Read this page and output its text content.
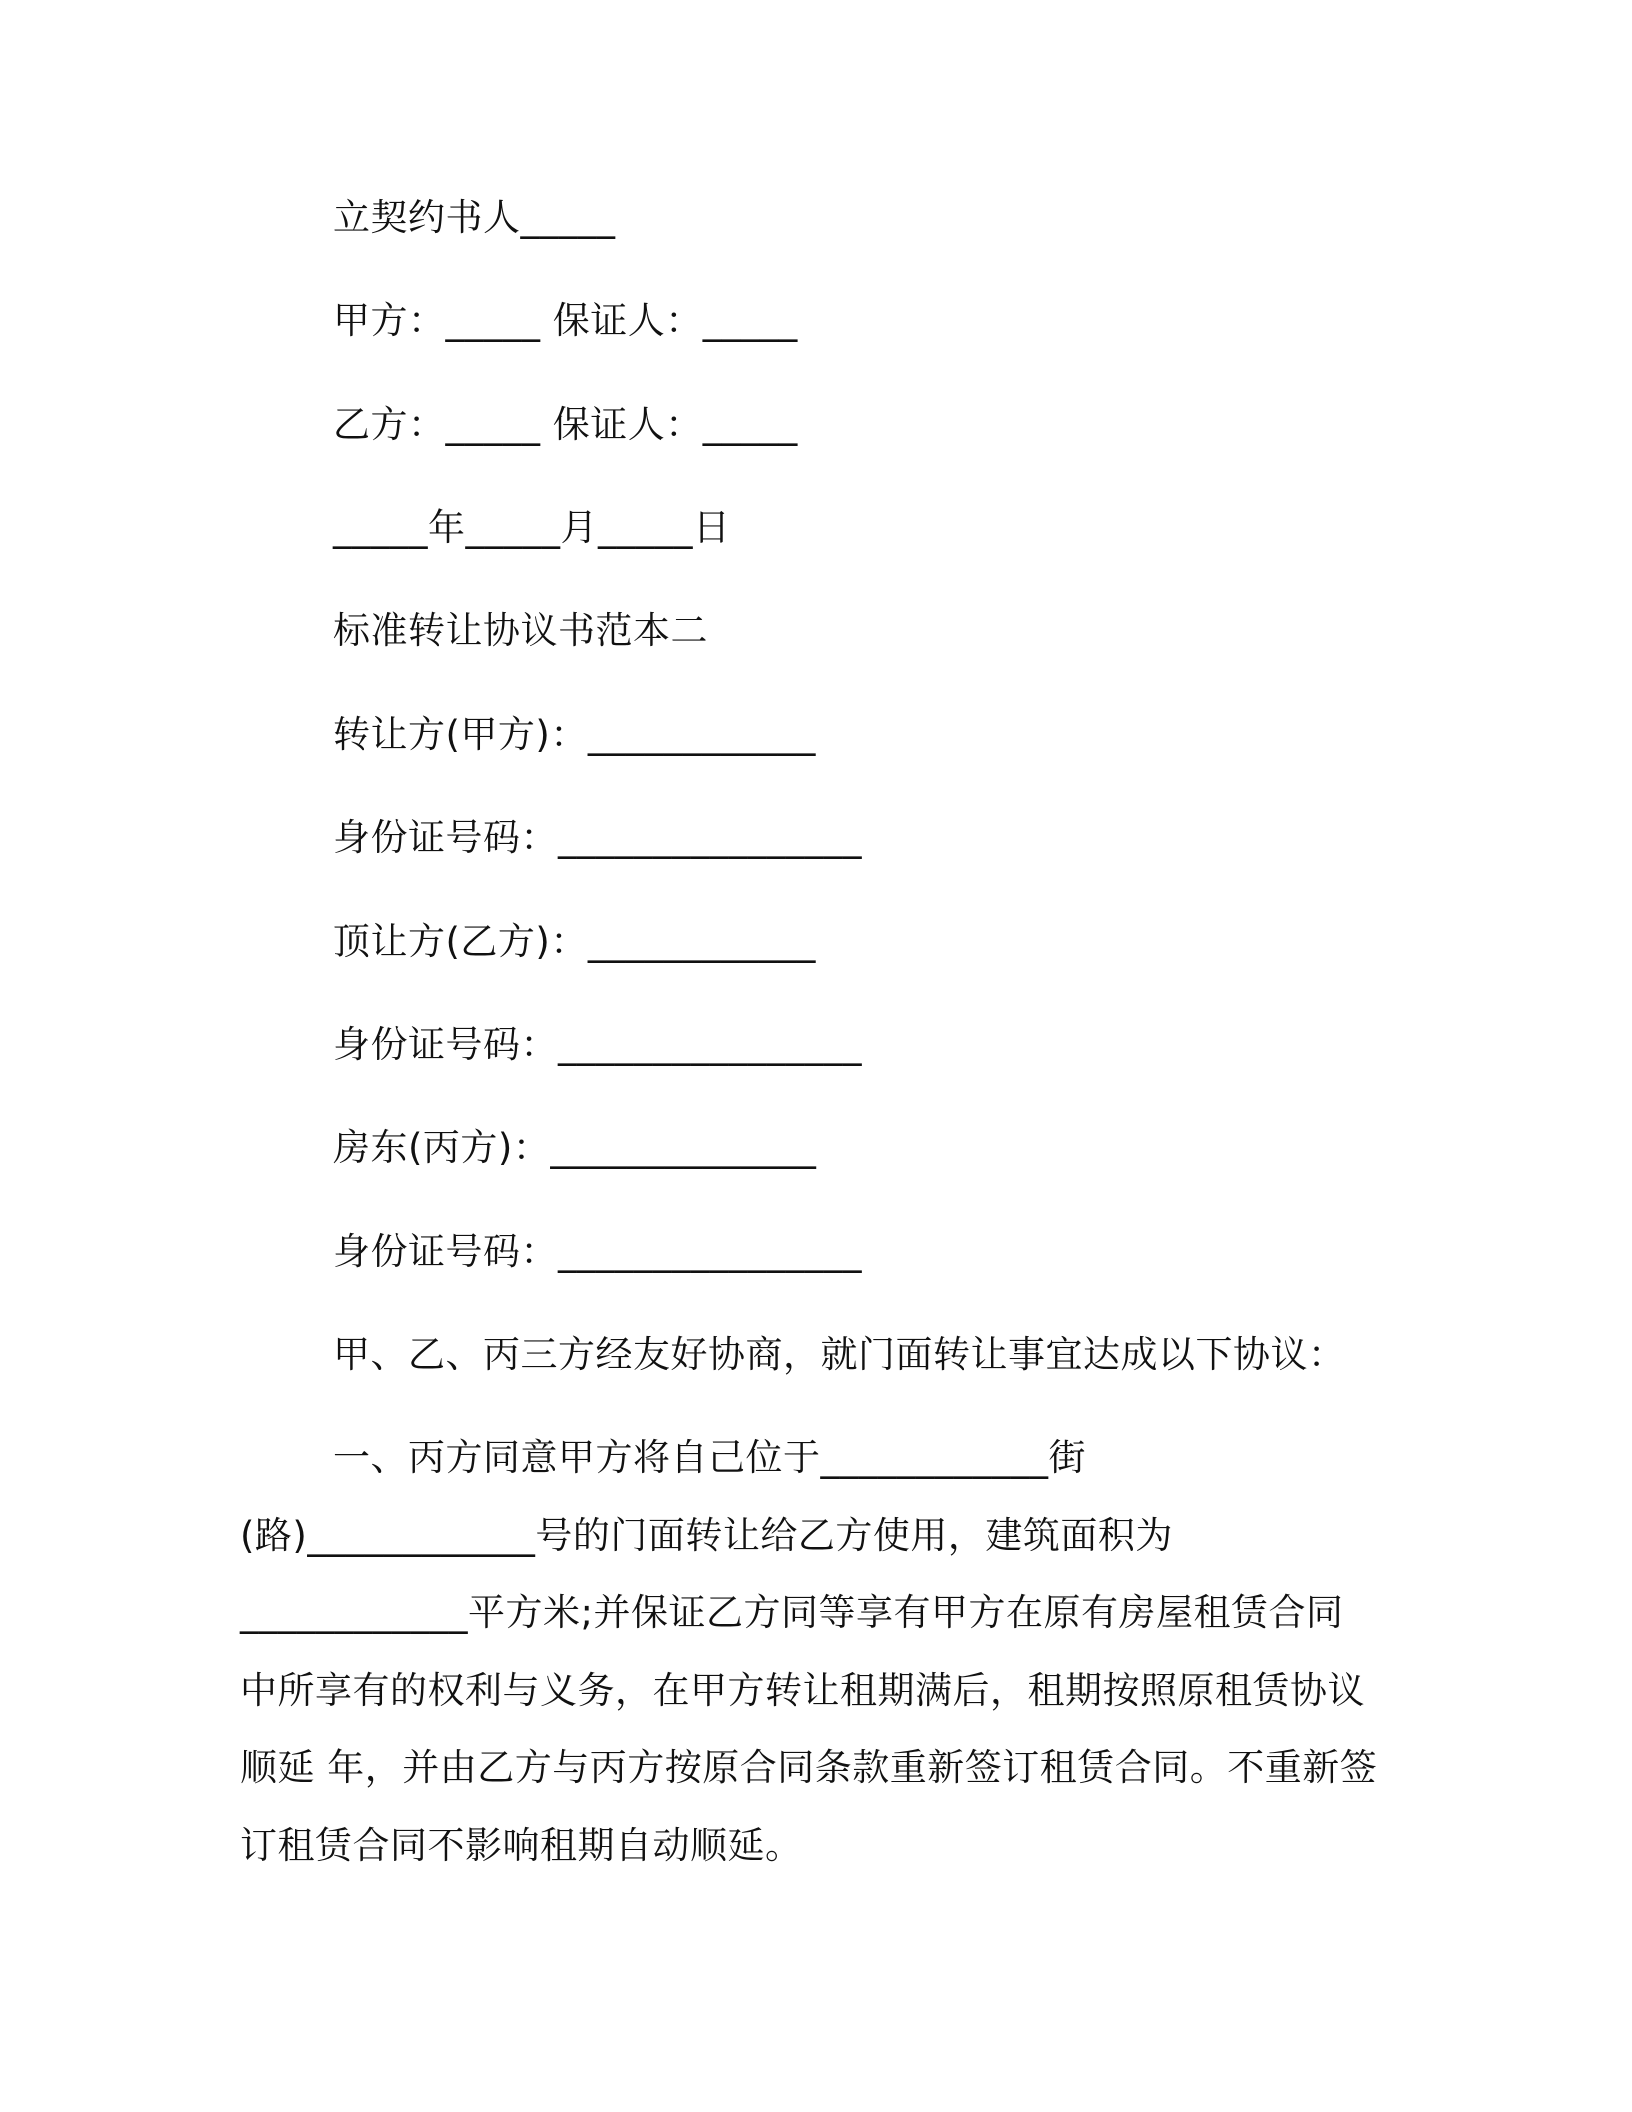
立契约书人_____
甲方：_____ 保证人：_____
乙方：_____ 保证人：_____
_____年_____月_____日
标准转让协议书范本二
转让方(甲方)：____________
身份证号码：________________
顶让方(乙方)：____________
身份证号码：________________
房东(丙方)：______________
身份证号码：________________
甲、乙、丙三方经友好协商，就门面转让事宜达成以下协议：
一、丙方同意甲方将自己位于____________街
(路)____________号的门面转让给乙方使用，建筑面积为
____________平方米;并保证乙方同等享有甲方在原有房屋租赁合同
中所享有的权利与义务，在甲方转让租期满后，租期按照原租赁协议
顺延 年，并由乙方与丙方按原合同条款重新签订租赁合同。不重新签
订租赁合同不影响租期自动顺延。
